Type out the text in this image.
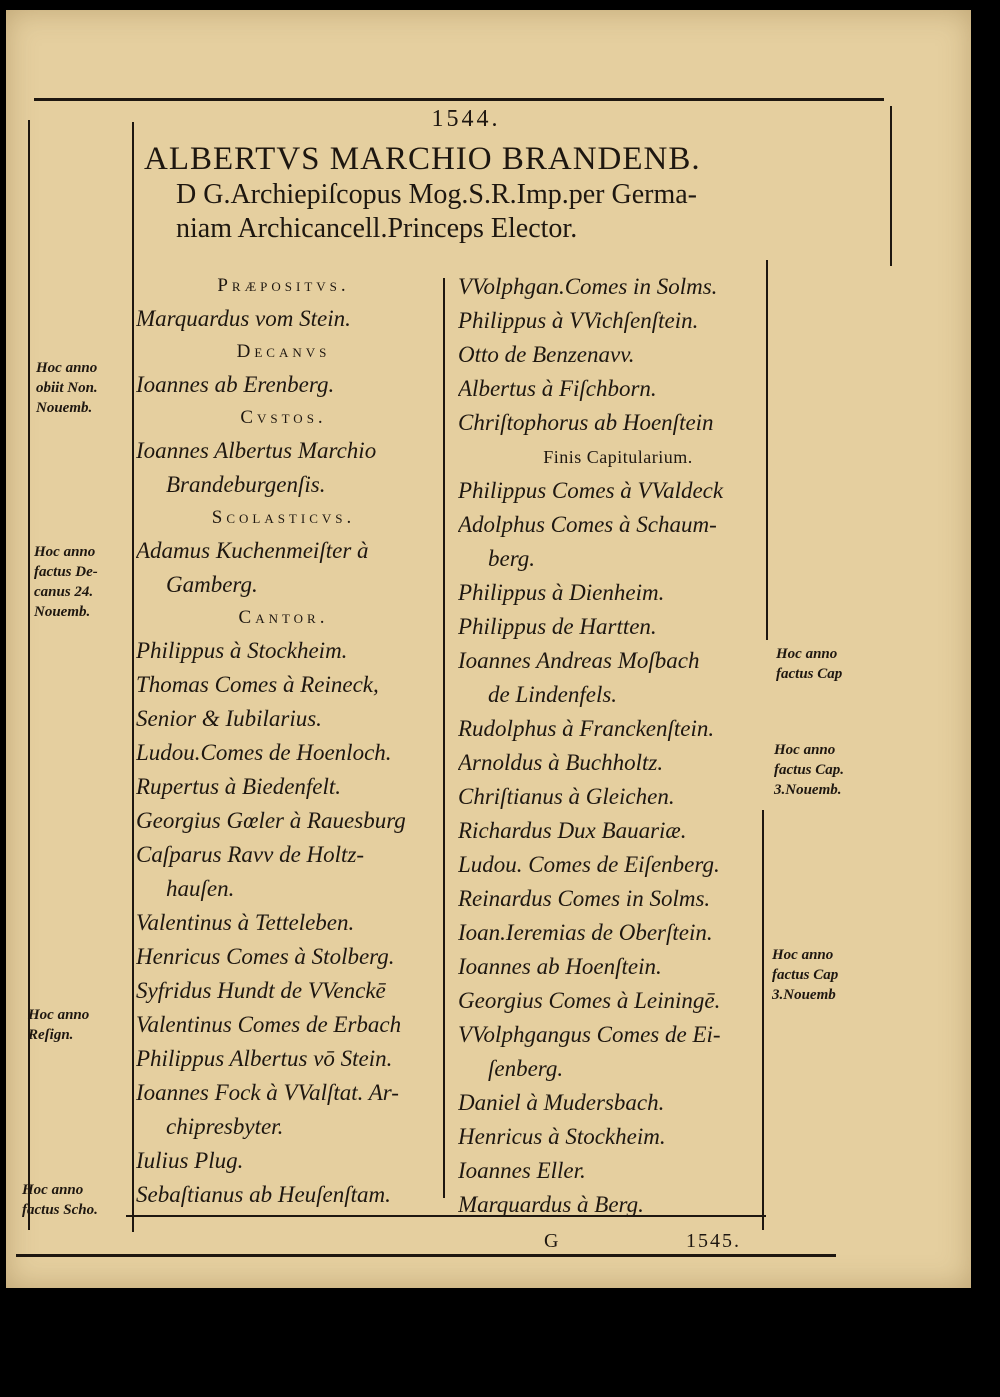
1544.
ALBERTVS MARCHIO BRANDENB.
D G.Archiepiſcopus Mog.S.R.Imp.per Germa-
niam Archicancell.Princeps Elector.
Præpositvs.
Marquardus vom Stein.
Decanvs
Ioannes ab Erenberg.
Cvstos.
Ioannes Albertus Marchio
Brandeburgenſis.
Scolasticvs.
Adamus Kuchenmeiſter à
Gamberg.
Cantor.
Philippus à Stockheim.
Thomas Comes à Reineck,
Senior & Iubilarius.
Ludou.Comes de Hoenloch.
Rupertus à Biedenfelt.
Georgius Gœler à Rauesburg
Caſparus Ravv de Holtz-
hauſen.
Valentinus à Tetteleben.
Henricus Comes à Stolberg.
Syfridus Hundt de VVenckē
Valentinus Comes de Erbach
Philippus Albertus vō Stein.
Ioannes Fock à VValſtat. Ar-
chipresbyter.
Iulius Plug.
Sebaſtianus ab Heuſenſtam.
VVolphgan.Comes in Solms.
Philippus à VVichſenſtein.
Otto de Benzenavv.
Albertus à Fiſchborn.
Chriſtophorus ab Hoenſtein
Finis Capitularium.
Philippus Comes à VValdeck
Adolphus Comes à Schaum-
berg.
Philippus à Dienheim.
Philippus de Hartten.
Ioannes Andreas Moſbach
de Lindenfels.
Rudolphus à Franckenſtein.
Arnoldus à Buchholtz.
Chriſtianus à Gleichen.
Richardus Dux Bauariæ.
Ludou. Comes de Eiſenberg.
Reinardus Comes in Solms.
Ioan.Ieremias de Oberſtein.
Ioannes ab Hoenſtein.
Georgius Comes à Leiningē.
VVolphgangus Comes de Ei-
ſenberg.
Daniel à Mudersbach.
Henricus à Stockheim.
Ioannes Eller.
Marquardus à Berg.
Hoc anno
obiit Non.
Nouemb.
Hoc anno
factus De-
canus 24.
Nouemb.
Hoc anno
Reſign.
Hoc anno
factus Scho.
Hoc anno
factus Cap
Hoc anno
factus Cap.
3.Nouemb.
Hoc anno
factus Cap
3.Nouemb
G	1545.
